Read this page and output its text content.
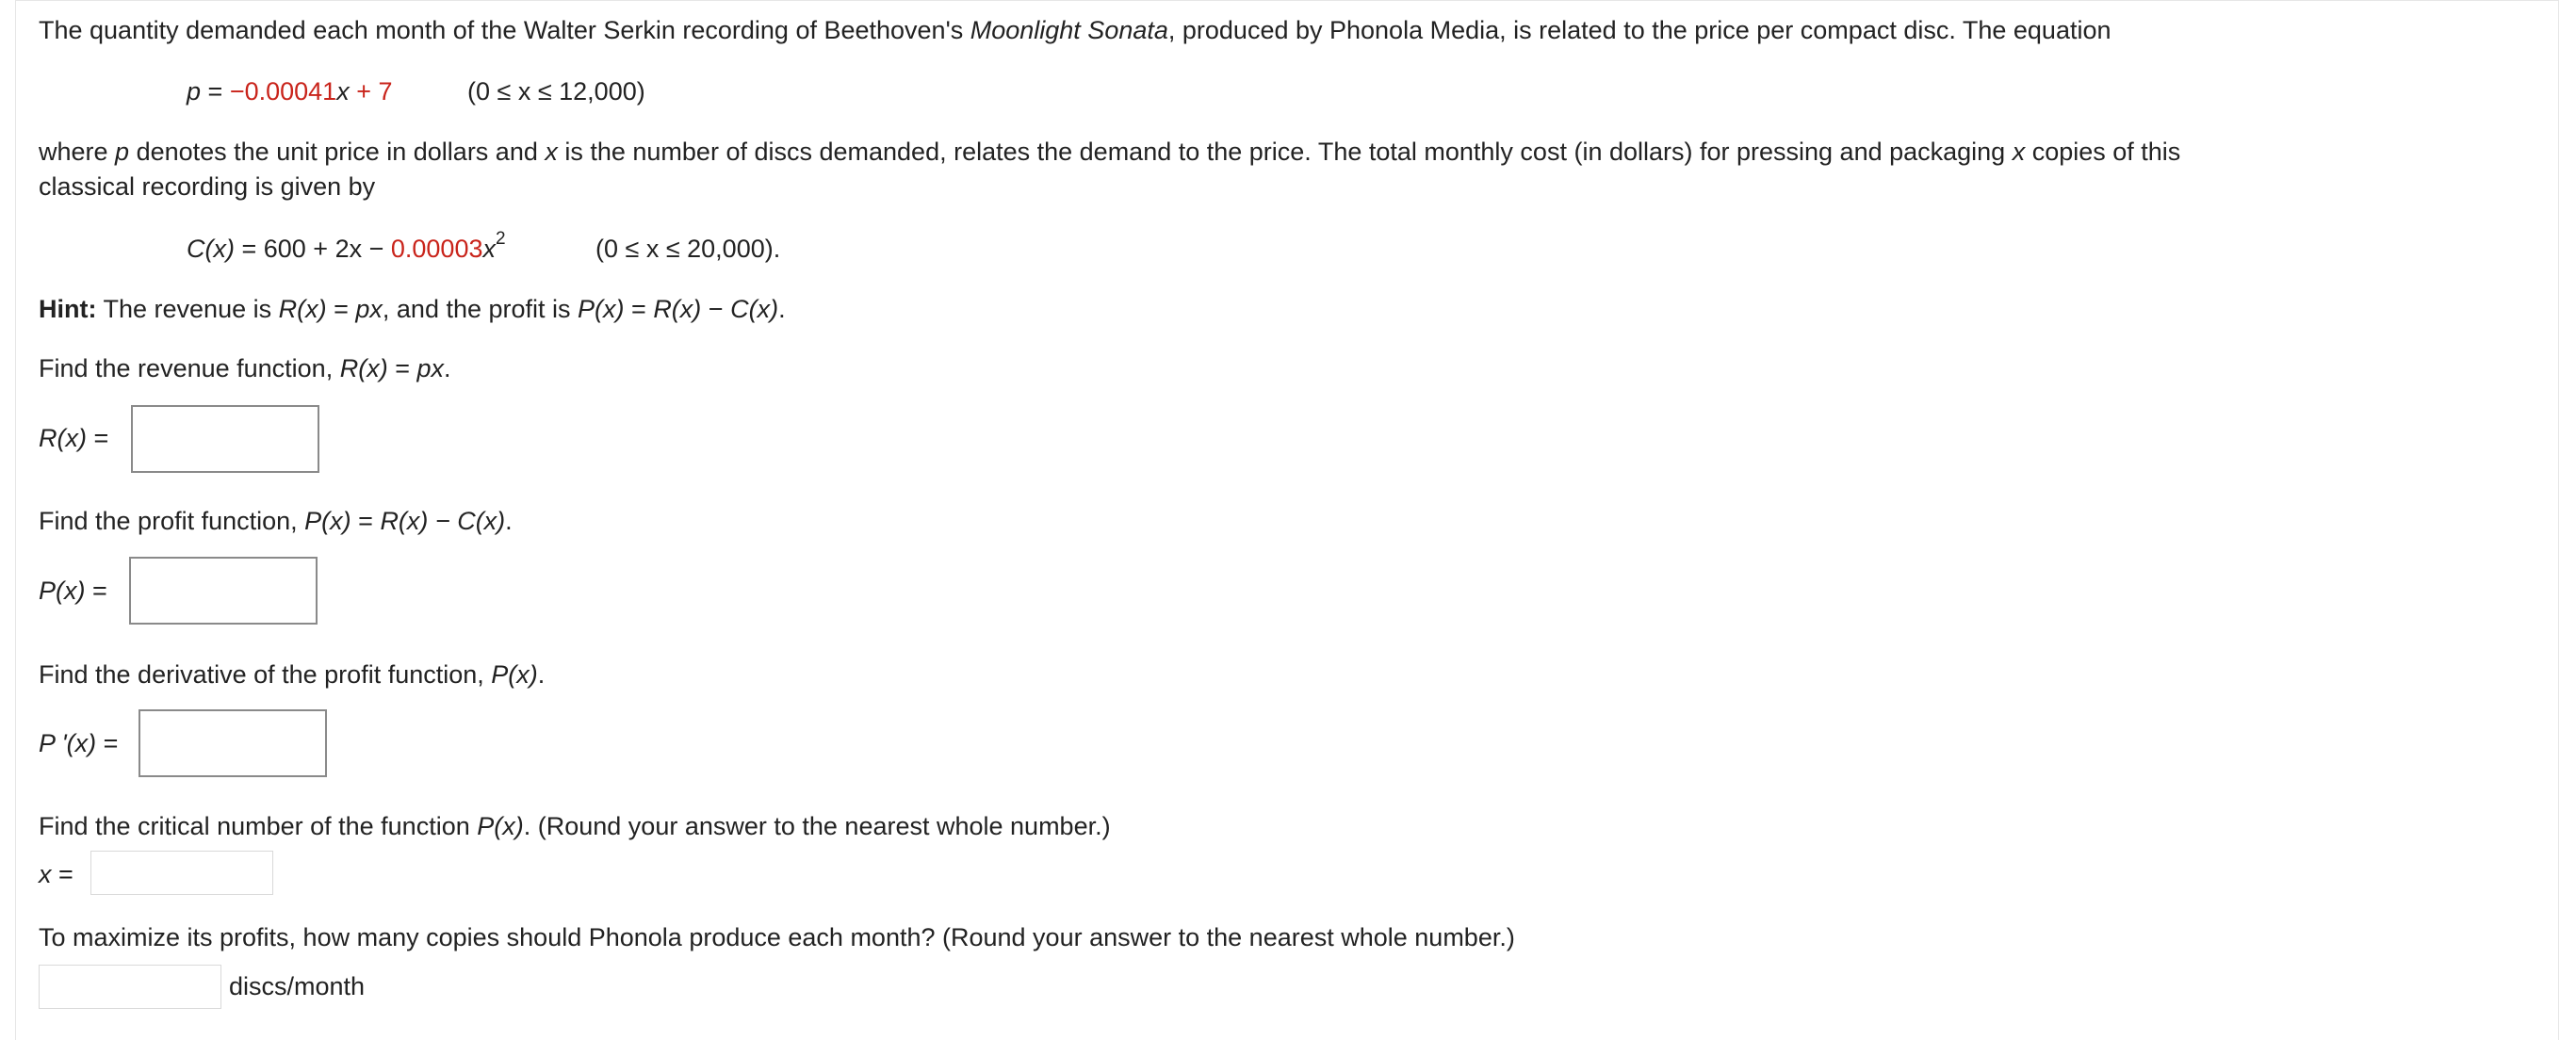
The quantity demanded each month of the Walter Serkin recording of Beethoven's Moonlight Sonata, produced by Phonola Media, is related to the price per compact disc. The equation
p = −0.00041x + 7	(0 ≤ x ≤ 12,000)
where p denotes the unit price in dollars and x is the number of discs demanded, relates the demand to the price. The total monthly cost (in dollars) for pressing and packaging x copies of this
classical recording is given by
$C(x) = 600 + 2x - 0.00003x^2$	(0 ≤ x ≤ 20,000).
Hint: The revenue is R(x) = px, and the profit is P(x) = R(x) − C(x).
Find the revenue function, R(x) = px.
R(x) =
Find the profit function, P(x) = R(x) − C(x).
P(x) =
Find the derivative of the profit function, P(x).
P '(x) =
Find the critical number of the function P(x). (Round your answer to the nearest whole number.)
x =
To maximize its profits, how many copies should Phonola produce each month? (Round your answer to the nearest whole number.)
discs/month
